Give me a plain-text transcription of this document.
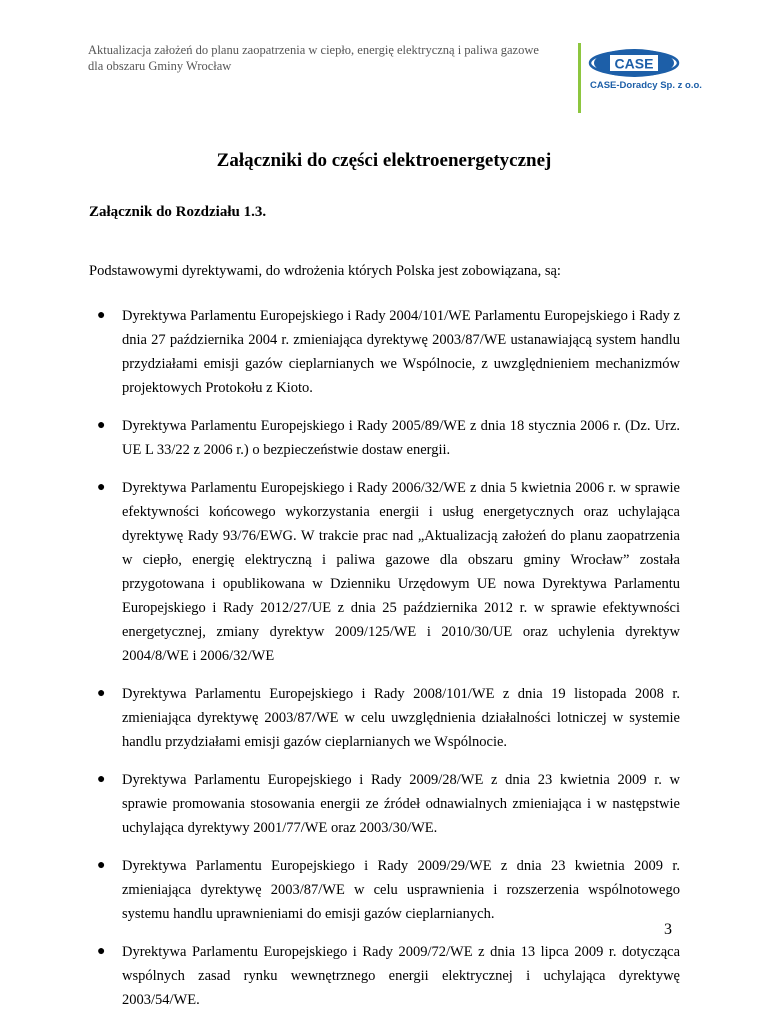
Aktualizacja założeń do planu zaopatrzenia w ciepło, energię elektryczną i paliwa gazowe
dla obszaru Gminy Wrocław	CASE
CASE-Doradcy Sp. z o.o.
Załączniki do części elektroenergetycznej
Załącznik do Rozdziału 1.3.
Podstawowymi dyrektywami, do wdrożenia których Polska jest zobowiązana, są:
● Dyrektywa Parlamentu Europejskiego i Rady 2004/101/WE Parlamentu Europejskiego i Rady z dnia 27 października 2004 r. zmieniająca dyrektywę 2003/87/WE ustanawiającą system handlu przydziałami emisji gazów cieplarnianych we Wspólnocie, z uwzględnieniem mechanizmów projektowych Protokołu z Kioto.
● Dyrektywa Parlamentu Europejskiego i Rady 2005/89/WE z dnia 18 stycznia 2006 r. (Dz. Urz. UE L 33/22 z 2006 r.) o bezpieczeństwie dostaw energii.
● Dyrektywa Parlamentu Europejskiego i Rady 2006/32/WE z dnia 5 kwietnia 2006 r. w sprawie efektywności końcowego wykorzystania energii i usług energetycznych oraz uchylająca dyrektywę Rady 93/76/EWG. W trakcie prac nad „Aktualizacją założeń do planu zaopatrzenia w ciepło, energię elektryczną i paliwa gazowe dla obszaru gminy Wrocław” została przygotowana i opublikowana w Dzienniku Urzędowym UE nowa Dyrektywa Parlamentu Europejskiego i Rady 2012/27/UE z dnia 25 października 2012 r. w sprawie efektywności energetycznej, zmiany dyrektyw 2009/125/WE i 2010/30/UE oraz uchylenia dyrektyw 2004/8/WE i 2006/32/WE
● Dyrektywa Parlamentu Europejskiego i Rady 2008/101/WE z dnia 19 listopada 2008 r. zmieniająca dyrektywę 2003/87/WE w celu uwzględnienia działalności lotniczej w systemie handlu przydziałami emisji gazów cieplarnianych we Wspólnocie.
● Dyrektywa Parlamentu Europejskiego i Rady 2009/28/WE z dnia 23 kwietnia 2009 r. w sprawie promowania stosowania energii ze źródeł odnawialnych zmieniająca i w następstwie uchylająca dyrektywy 2001/77/WE oraz 2003/30/WE.
● Dyrektywa Parlamentu Europejskiego i Rady 2009/29/WE z dnia 23 kwietnia 2009 r. zmieniająca dyrektywę 2003/87/WE w celu usprawnienia i rozszerzenia wspólnotowego systemu handlu uprawnieniami do emisji gazów cieplarnianych.
● Dyrektywa Parlamentu Europejskiego i Rady 2009/72/WE z dnia 13 lipca 2009 r. dotycząca wspólnych zasad rynku wewnętrznego energii elektrycznej i uchylająca dyrektywę 2003/54/WE.
3
